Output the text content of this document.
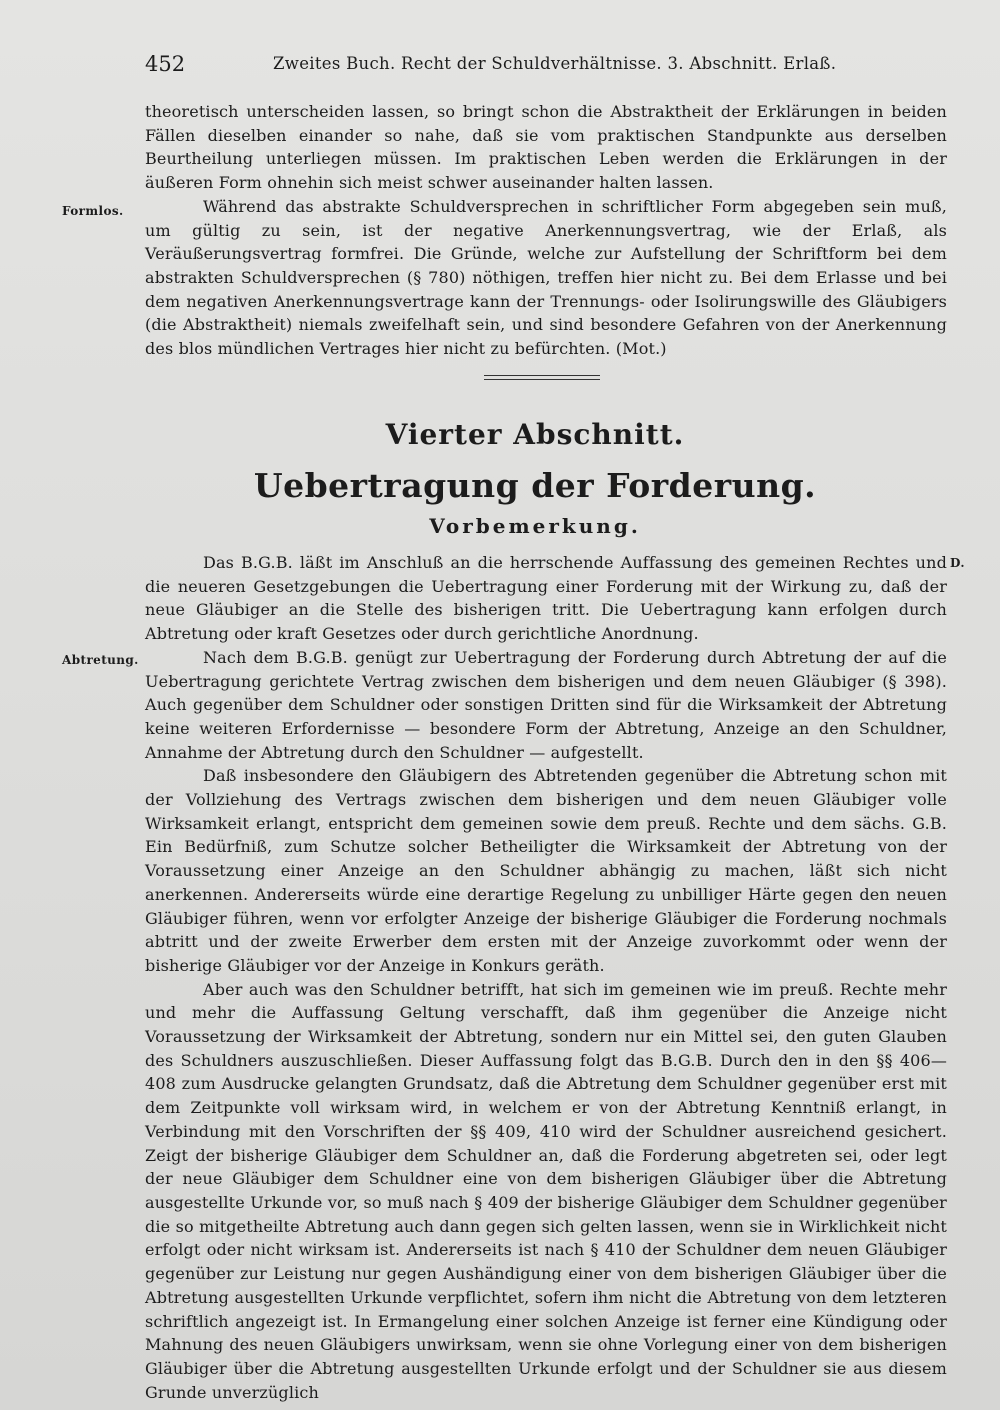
452	Zweites Buch. Recht der Schuldverhältnisse. 3. Abschnitt. Erlaß.
Formlos.
Abtretung.
D.

theoretisch unterscheiden lassen, so bringt schon die Abstraktheit der Erklärungen in beiden Fällen dieselben einander so nahe, daß sie vom praktischen Standpunkte aus derselben Beurtheilung unterliegen müssen. Im praktischen Leben werden die Erklärungen in der äußeren Form ohnehin sich meist schwer auseinander halten lassen.

Während das abstrakte Schuldversprechen in schriftlicher Form abgegeben sein muß, um gültig zu sein, ist der negative Anerkennungsvertrag, wie der Erlaß, als Veräußerungsvertrag formfrei. Die Gründe, welche zur Aufstellung der Schriftform bei dem abstrakten Schuldversprechen (§ 780) nöthigen, treffen hier nicht zu. Bei dem Erlasse und bei dem negativen Anerkennungsvertrage kann der Trennungs- oder Isolirungswille des Gläubigers (die Abstraktheit) niemals zweifelhaft sein, und sind besondere Gefahren von der Anerkennung des blos mündlichen Vertrages hier nicht zu befürchten. (Mot.)

Vierter Abschnitt.
Uebertragung der Forderung.
Vorbemerkung.

Das B.G.B. läßt im Anschluß an die herrschende Auffassung des gemeinen Rechtes und die neueren Gesetzgebungen die Uebertragung einer Forderung mit der Wirkung zu, daß der neue Gläubiger an die Stelle des bisherigen tritt. Die Uebertragung kann erfolgen durch Abtretung oder kraft Gesetzes oder durch gerichtliche Anordnung.

Nach dem B.G.B. genügt zur Uebertragung der Forderung durch Abtretung der auf die Uebertragung gerichtete Vertrag zwischen dem bisherigen und dem neuen Gläubiger (§ 398). Auch gegenüber dem Schuldner oder sonstigen Dritten sind für die Wirksamkeit der Abtretung keine weiteren Erfordernisse — besondere Form der Abtretung, Anzeige an den Schuldner, Annahme der Abtretung durch den Schuldner — aufgestellt.

Daß insbesondere den Gläubigern des Abtretenden gegenüber die Abtretung schon mit der Vollziehung des Vertrags zwischen dem bisherigen und dem neuen Gläubiger volle Wirksamkeit erlangt, entspricht dem gemeinen sowie dem preuß. Rechte und dem sächs. G.B. Ein Bedürfniß, zum Schutze solcher Betheiligter die Wirksamkeit der Abtretung von der Voraussetzung einer Anzeige an den Schuldner abhängig zu machen, läßt sich nicht anerkennen. Andererseits würde eine derartige Regelung zu unbilliger Härte gegen den neuen Gläubiger führen, wenn vor erfolgter Anzeige der bisherige Gläubiger die Forderung nochmals abtritt und der zweite Erwerber dem ersten mit der Anzeige zuvorkommt oder wenn der bisherige Gläubiger vor der Anzeige in Konkurs geräth.

Aber auch was den Schuldner betrifft, hat sich im gemeinen wie im preuß. Rechte mehr und mehr die Auffassung Geltung verschafft, daß ihm gegenüber die Anzeige nicht Voraussetzung der Wirksamkeit der Abtretung, sondern nur ein Mittel sei, den guten Glauben des Schuldners auszuschließen. Dieser Auffassung folgt das B.G.B. Durch den in den §§ 406—408 zum Ausdrucke gelangten Grundsatz, daß die Abtretung dem Schuldner gegenüber erst mit dem Zeitpunkte voll wirksam wird, in welchem er von der Abtretung Kenntniß erlangt, in Verbindung mit den Vorschriften der §§ 409, 410 wird der Schuldner ausreichend gesichert. Zeigt der bisherige Gläubiger dem Schuldner an, daß die Forderung abgetreten sei, oder legt der neue Gläubiger dem Schuldner eine von dem bisherigen Gläubiger über die Abtretung ausgestellte Urkunde vor, so muß nach § 409 der bisherige Gläubiger dem Schuldner gegenüber die so mitgetheilte Abtretung auch dann gegen sich gelten lassen, wenn sie in Wirklichkeit nicht erfolgt oder nicht wirksam ist. Andererseits ist nach § 410 der Schuldner dem neuen Gläubiger gegenüber zur Leistung nur gegen Aushändigung einer von dem bisherigen Gläubiger über die Abtretung ausgestellten Urkunde verpflichtet, sofern ihm nicht die Abtretung von dem letzteren schriftlich angezeigt ist. In Ermangelung einer solchen Anzeige ist ferner eine Kündigung oder Mahnung des neuen Gläubigers unwirksam, wenn sie ohne Vorlegung einer von dem bisherigen Gläubiger über die Abtretung ausgestellten Urkunde erfolgt und der Schuldner sie aus diesem Grunde unverzüglich
